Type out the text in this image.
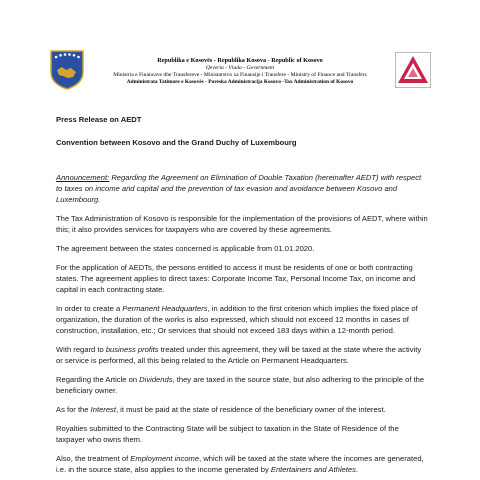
Republika e Kosovës - Republika Kosova - Republic of Kosovo
Qeveria - Vlada - Government
Ministria e Financave dhe Transfereve - Ministarstvo za Finansije i Transfere - Ministry of Finance and Transfers
Administrata Tatimore e Kosovës - Poreska Administracija Kosovo -Tax Administration of Kosovo

Press Release on AEDT

Convention between Kosovo and the Grand Duchy of Luxembourg

Announcement: Regarding the Agreement on Elimination of Double Taxation (hereinafter AEDT) with respect to taxes on income and capital and the prevention of tax evasion and avoidance between Kosovo and Luxembourg.

The Tax Administration of Kosovo is responsible for the implementation of the provisions of AEDT, where within this; it also provides services for taxpayers who are covered by these agreements.

The agreement between the states concerned is applicable from 01.01.2020.

For the application of AEDTs, the persons entitled to access it must be residents of one or both contracting states. The agreement applies to direct taxes: Corporate Income Tax, Personal Income Tax, on income and capital in each contracting state.

In order to create a Permanent Headquarters, in addition to the first criterion which implies the fixed place of organization, the duration of the works is also expressed, which should not exceed 12 months in cases of construction, installation, etc.; Or services that should not exceed 183 days within a 12-month period.

With regard to business profits treated under this agreement, they will be taxed at the state where the activity or service is performed, all this being related to the Article on Permanent Headquarters.

Regarding the Article on Dividends, they are taxed in the source state, but also adhering to the principle of the beneficiary owner.

As for the Interest, it must be paid at the state of residence of the beneficiary owner of the interest.

Royalties submitted to the Contracting State will be subject to taxation in the State of Residence of the taxpayer who owns them.

Also, the treatment of Employment income, which will be taxed at the state where the incomes are generated, i.e. in the source state, also applies to the income generated by Entertainers and Athletes.
